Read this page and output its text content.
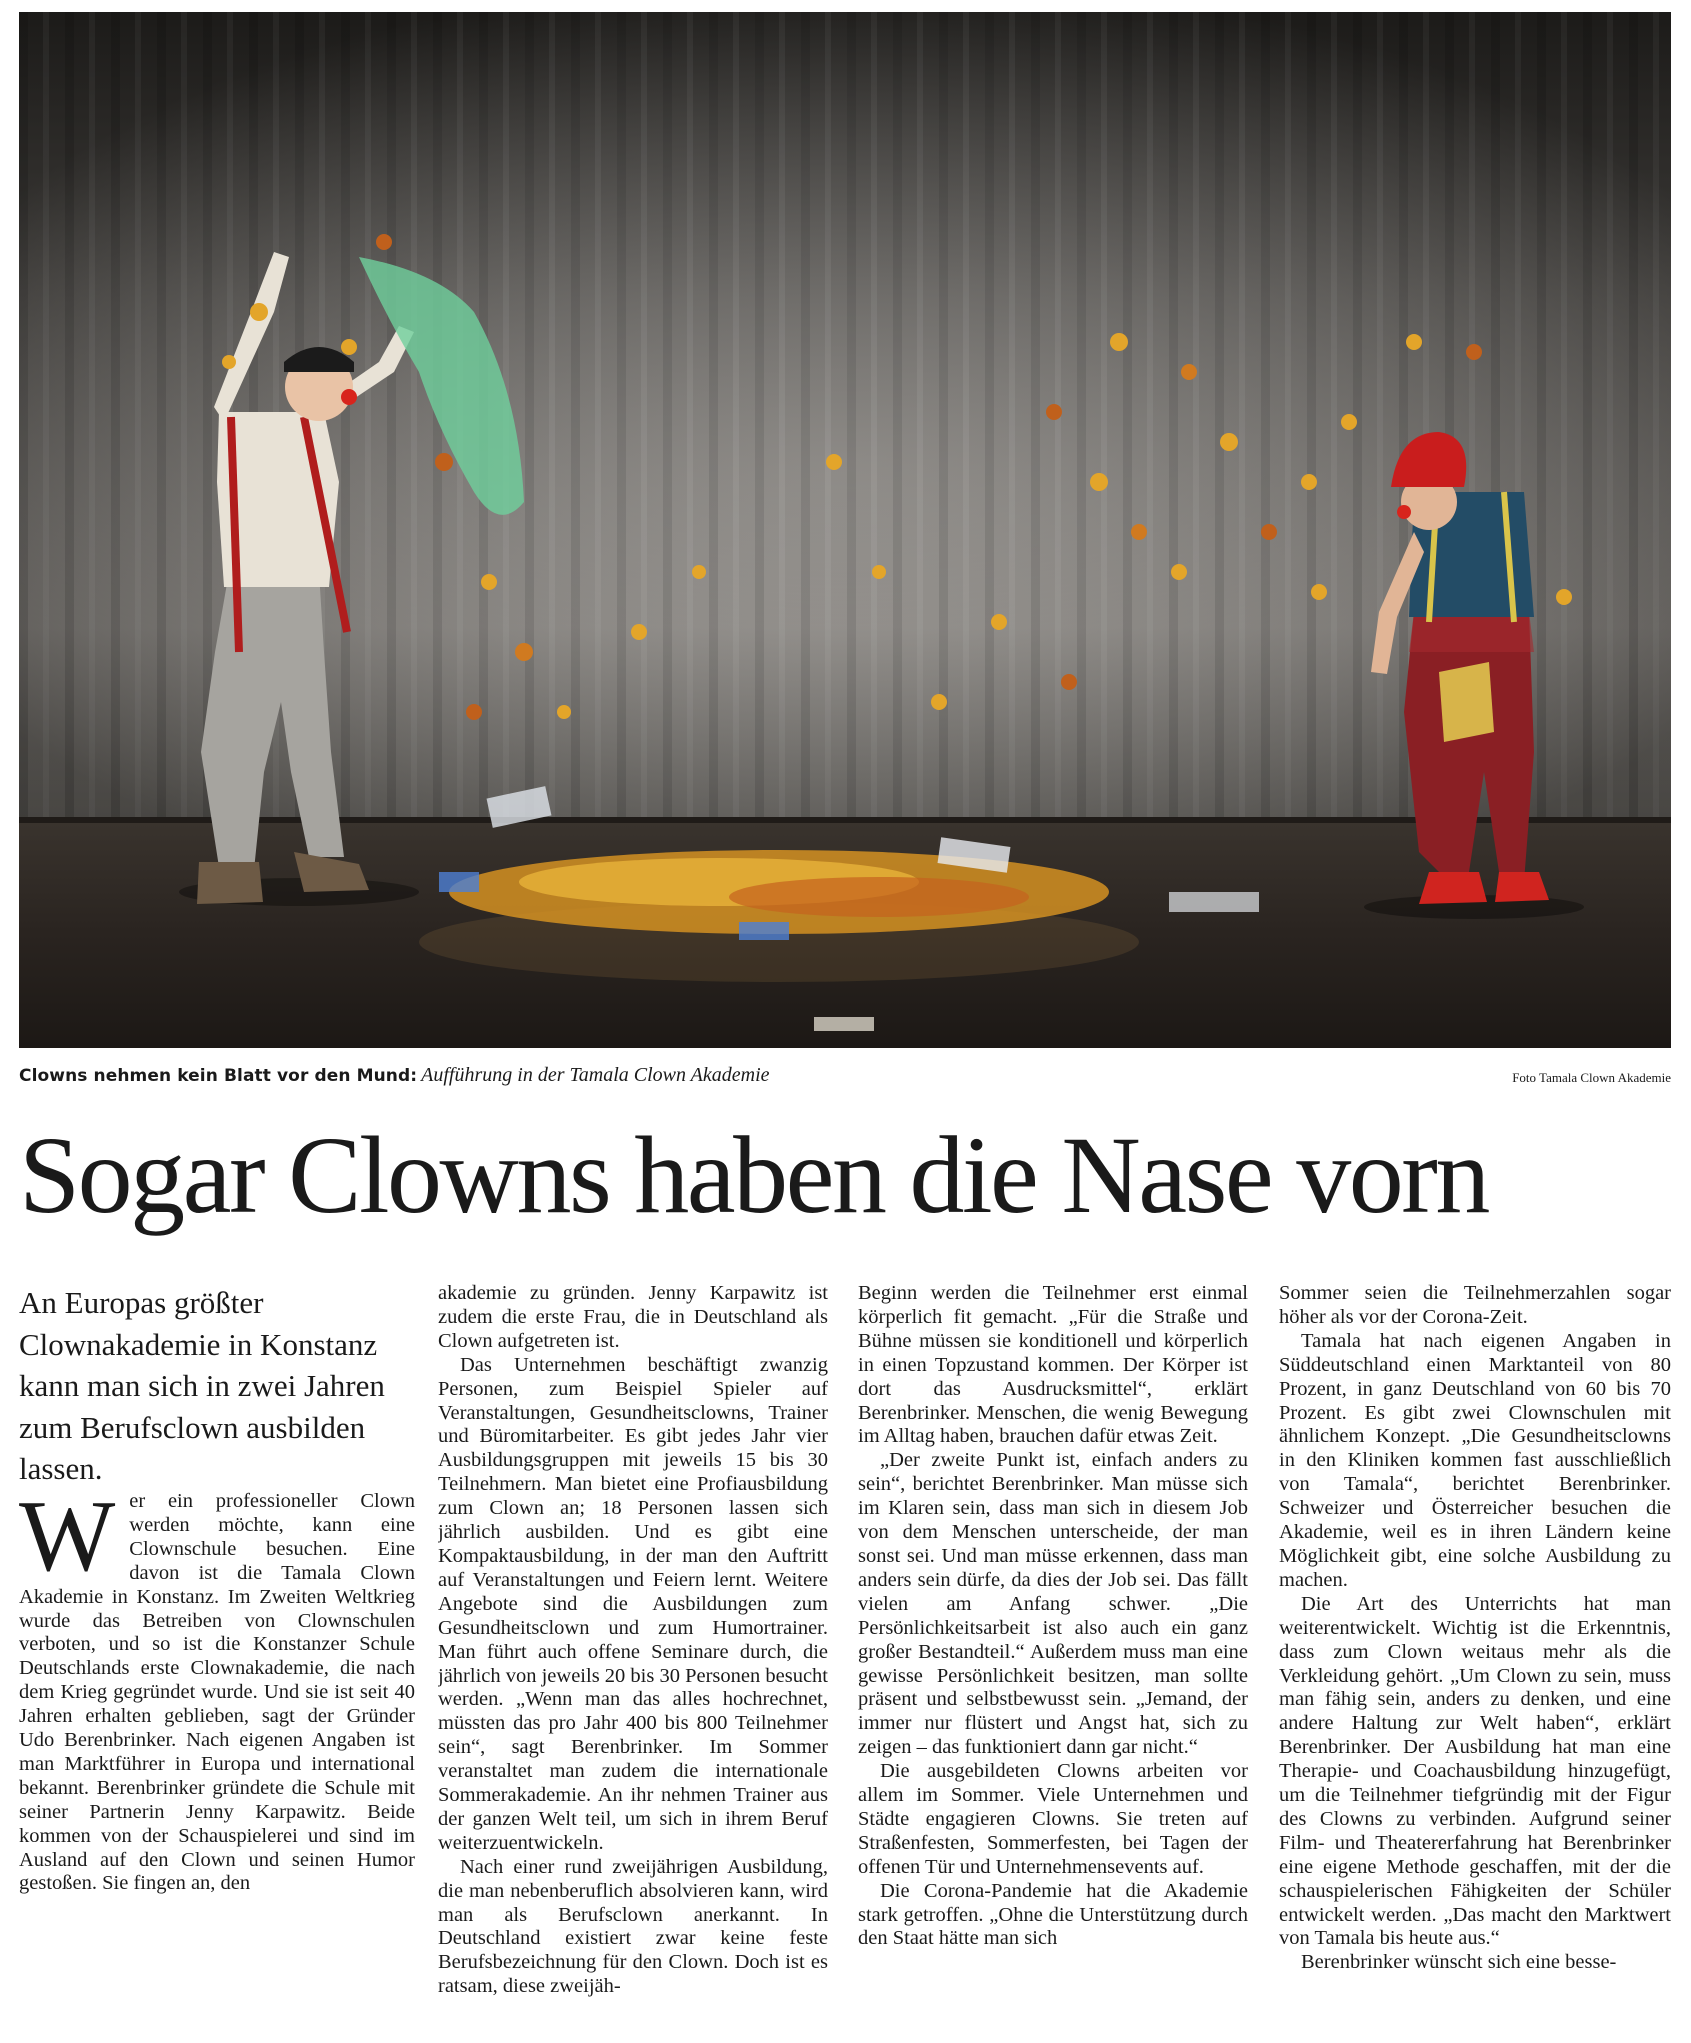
Clowns nehmen kein Blatt vor den Mund: Aufführung in der Tamala Clown Akademie	Foto Tamala Clown Akademie
Sogar Clowns haben die Nase vorn

An Europas größter Clownakademie in Konstanz kann man sich in zwei Jahren zum Berufsclown ausbilden lassen.

Wer ein professioneller Clown werden möchte, kann eine Clownschule besuchen. Eine davon ist die Tamala Clown Akademie in Konstanz. Im Zweiten Weltkrieg wurde das Betreiben von Clownschulen verboten, und so ist die Konstanzer Schule Deutschlands erste Clownakademie, die nach dem Krieg gegründet wurde. Und sie ist seit 40 Jahren erhalten geblieben, sagt der Gründer Udo Berenbrinker. Nach eigenen Angaben ist man Marktführer in Europa und international bekannt. Berenbrinker gründete die Schule mit seiner Partnerin Jenny Karpawitz. Beide kommen von der Schauspielerei und sind im Ausland auf den Clown und seinen Humor gestoßen. Sie fingen an, den

akademie zu gründen. Jenny Karpawitz ist zudem die erste Frau, die in Deutschland als Clown aufgetreten ist.

Das Unternehmen beschäftigt zwanzig Personen, zum Beispiel Spieler auf Veranstaltungen, Gesundheitsclowns, Trainer und Büromitarbeiter. Es gibt jedes Jahr vier Ausbildungsgruppen mit jeweils 15 bis 30 Teilnehmern. Man bietet eine Profiausbildung zum Clown an; 18 Personen lassen sich jährlich ausbilden. Und es gibt eine Kompaktausbildung, in der man den Auftritt auf Veranstaltungen und Feiern lernt. Weitere Angebote sind die Ausbildungen zum Gesundheitsclown und zum Humortrainer. Man führt auch offene Seminare durch, die jährlich von jeweils 20 bis 30 Personen besucht werden. „Wenn man das alles hochrechnet, müssten das pro Jahr 400 bis 800 Teilnehmer sein“, sagt Berenbrinker. Im Sommer veranstaltet man zudem die internationale Sommerakademie. An ihr nehmen Trainer aus der ganzen Welt teil, um sich in ihrem Beruf weiterzuentwickeln.

Nach einer rund zweijährigen Ausbildung, die man nebenberuflich absolvieren kann, wird man als Berufsclown anerkannt. In Deutschland existiert zwar keine feste Berufsbezeichnung für den Clown. Doch ist es ratsam, diese zweijäh-

Beginn werden die Teilnehmer erst einmal körperlich fit gemacht. „Für die Straße und Bühne müssen sie konditionell und körperlich in einen Topzustand kommen. Der Körper ist dort das Ausdrucksmittel“, erklärt Berenbrinker. Menschen, die wenig Bewegung im Alltag haben, brauchen dafür etwas Zeit.

„Der zweite Punkt ist, einfach anders zu sein“, berichtet Berenbrinker. Man müsse sich im Klaren sein, dass man sich in diesem Job von dem Menschen unterscheide, der man sonst sei. Und man müsse erkennen, dass man anders sein dürfe, da dies der Job sei. Das fällt vielen am Anfang schwer. „Die Persönlichkeitsarbeit ist also auch ein ganz großer Bestandteil.“ Außerdem muss man eine gewisse Persönlichkeit besitzen, man sollte präsent und selbstbewusst sein. „Jemand, der immer nur flüstert und Angst hat, sich zu zeigen – das funktioniert dann gar nicht.“

Die ausgebildeten Clowns arbeiten vor allem im Sommer. Viele Unternehmen und Städte engagieren Clowns. Sie treten auf Straßenfesten, Sommerfesten, bei Tagen der offenen Tür und Unternehmensevents auf.

Die Corona-Pandemie hat die Akademie stark getroffen. „Ohne die Unterstützung durch den Staat hätte man sich

Sommer seien die Teilnehmerzahlen sogar höher als vor der Corona-Zeit.

Tamala hat nach eigenen Angaben in Süddeutschland einen Marktanteil von 80 Prozent, in ganz Deutschland von 60 bis 70 Prozent. Es gibt zwei Clownschulen mit ähnlichem Konzept. „Die Gesundheitsclowns in den Kliniken kommen fast ausschließlich von Tamala“, berichtet Berenbrinker. Schweizer und Österreicher besuchen die Akademie, weil es in ihren Ländern keine Möglichkeit gibt, eine solche Ausbildung zu machen.

Die Art des Unterrichts hat man weiterentwickelt. Wichtig ist die Erkenntnis, dass zum Clown weitaus mehr als die Verkleidung gehört. „Um Clown zu sein, muss man fähig sein, anders zu denken, und eine andere Haltung zur Welt haben“, erklärt Berenbrinker. Der Ausbildung hat man eine Therapie- und Coachausbildung hinzugefügt, um die Teilnehmer tiefgründig mit der Figur des Clowns zu verbinden. Aufgrund seiner Film- und Theatererfahrung hat Berenbrinker eine eigene Methode geschaffen, mit der die schauspielerischen Fähigkeiten der Schüler entwickelt werden. „Das macht den Marktwert von Tamala bis heute aus.“

Berenbrinker wünscht sich eine besse-
